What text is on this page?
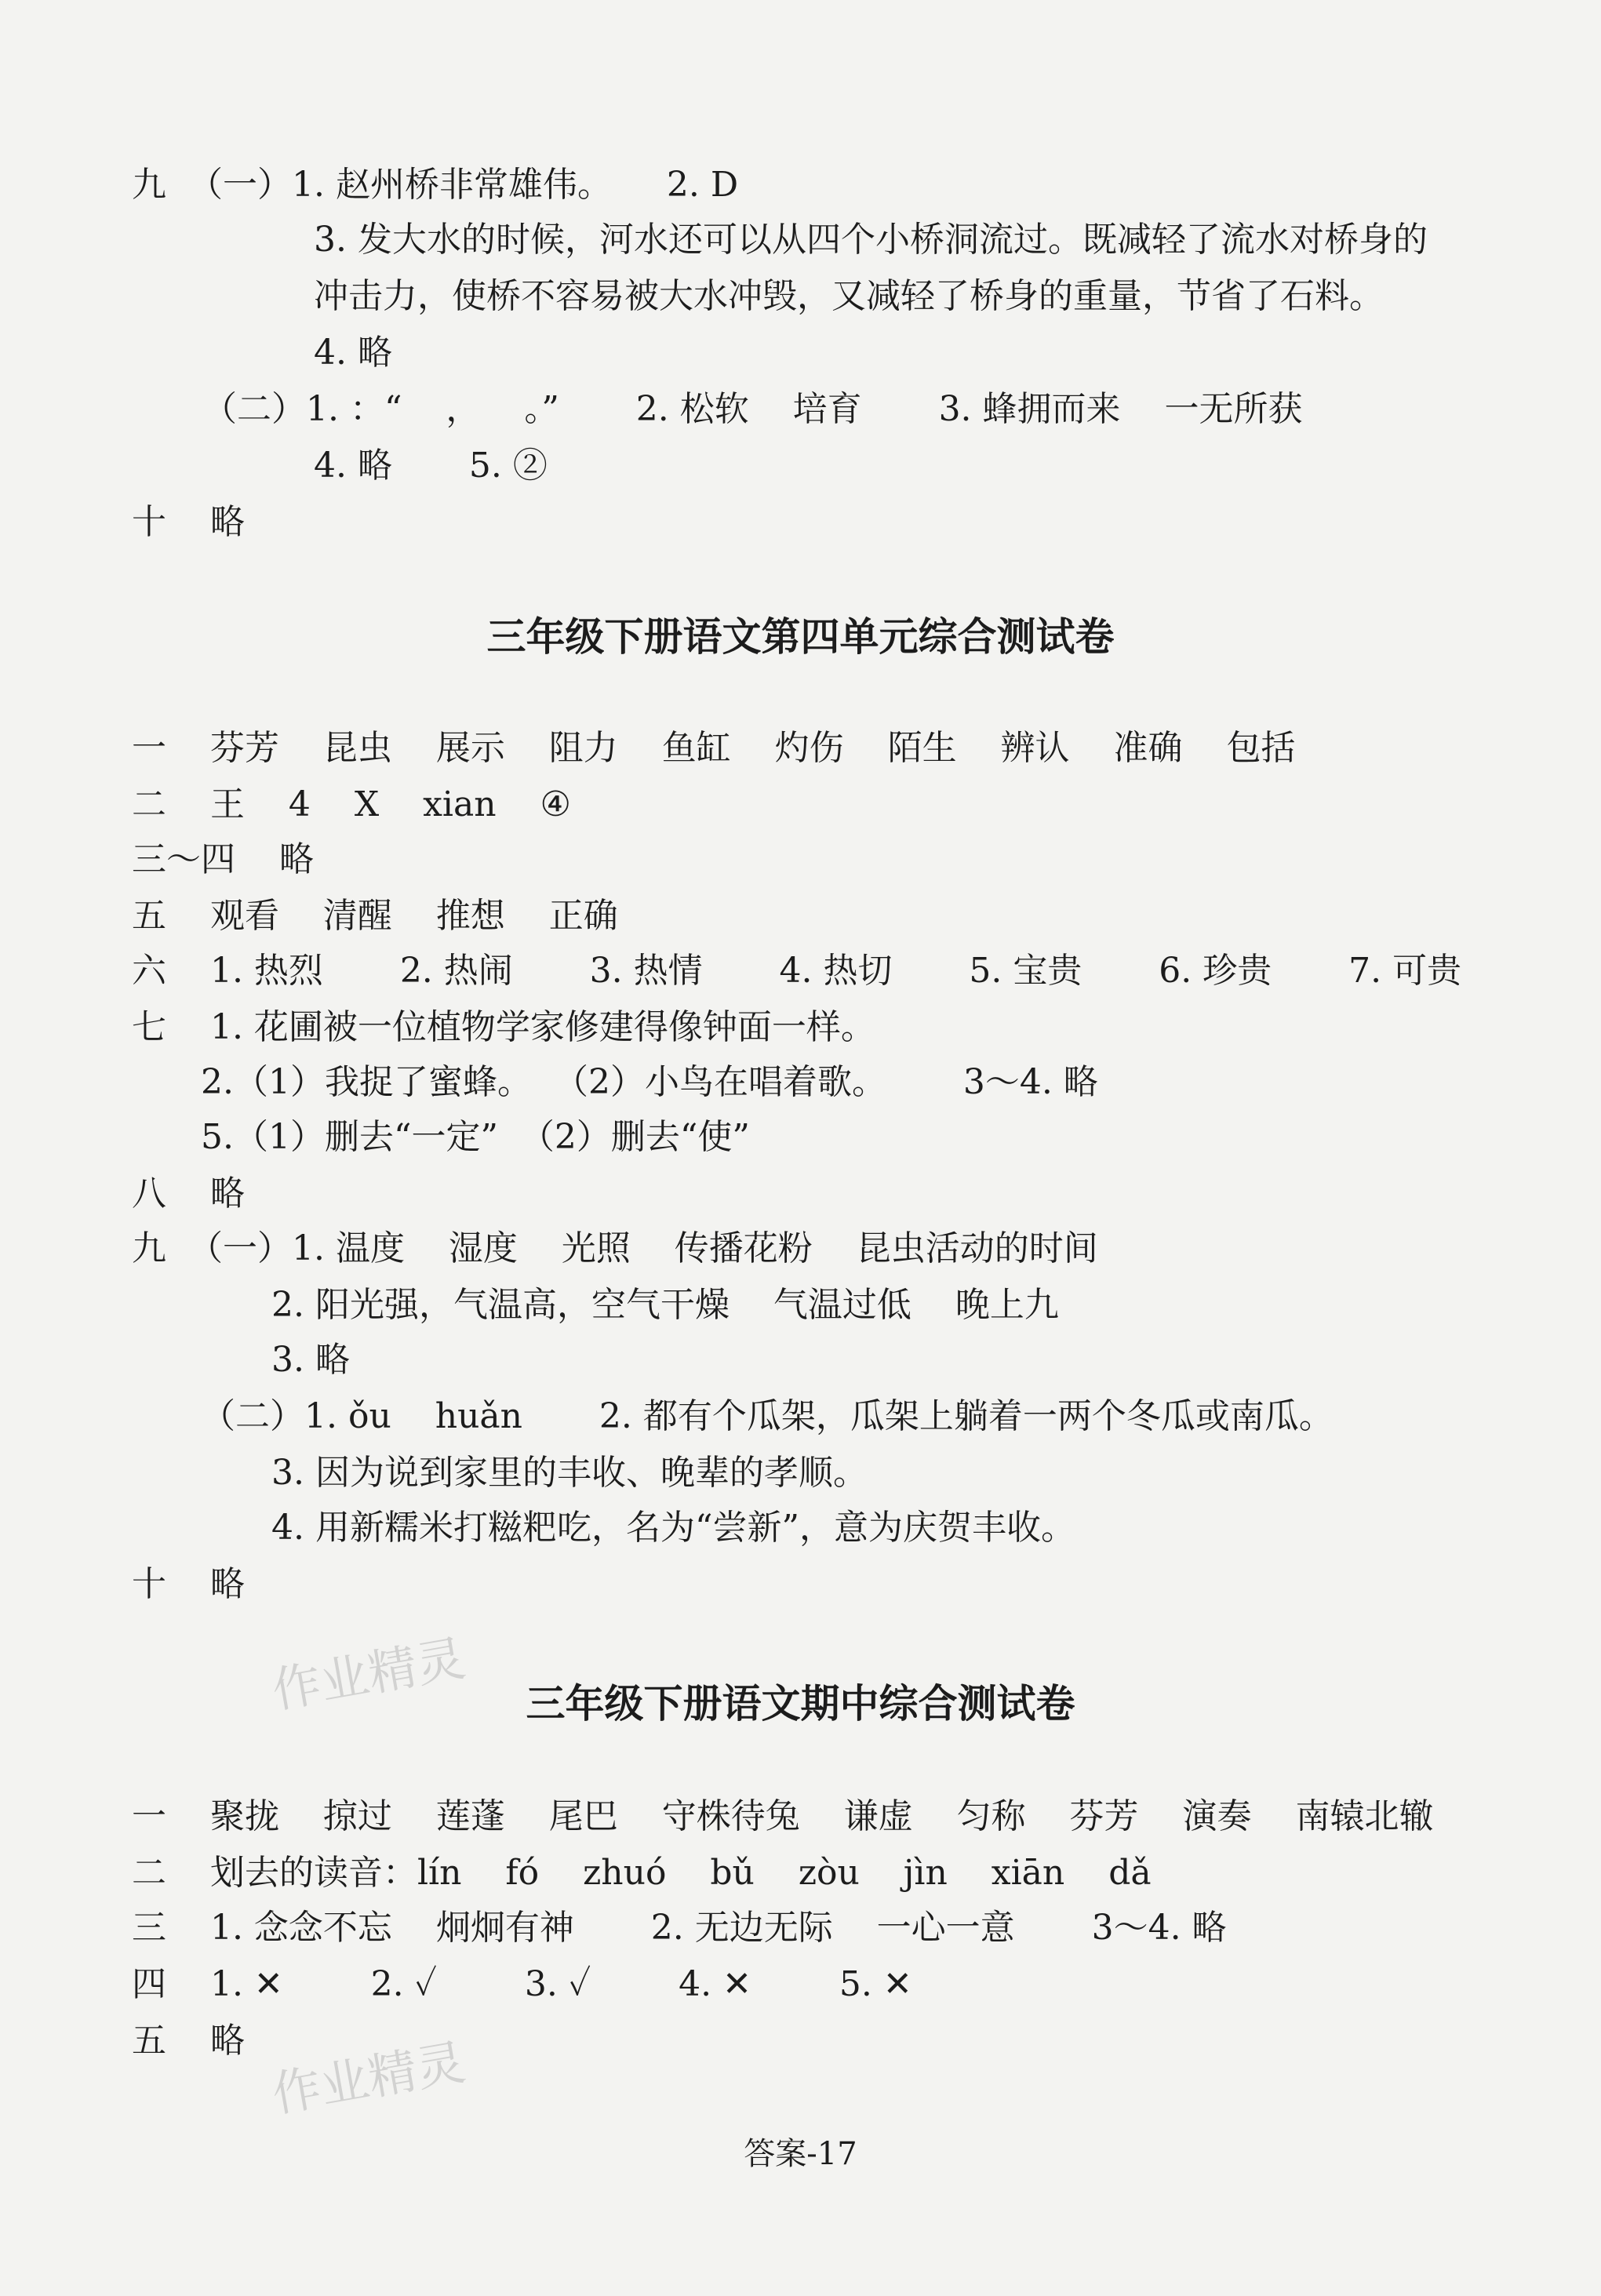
九  （一）1. 赵州桥非常雄伟。     2. D
3. 发大水的时候，河水还可以从四个小桥洞流过。既减轻了流水对桥身的
冲击力，使桥不容易被大水冲毁，又减轻了桥身的重量，节省了石料。
4. 略
（二）1. ：“    ，    。”       2. 松软    培育       3. 蜂拥而来    一无所获
4. 略       5. ②
十    略
三年级下册语文第四单元综合测试卷
一    芬芳    昆虫    展示    阻力    鱼缸    灼伤    陌生    辨认    准确    包括
二    王    4    X    xian    ④
三～四    略
五    观看    清醒    推想    正确
六    1. 热烈       2. 热闹       3. 热情       4. 热切       5. 宝贵       6. 珍贵       7. 可贵
七    1. 花圃被一位植物学家修建得像钟面一样。
2.（1）我捉了蜜蜂。  （2）小鸟在唱着歌。       3～4. 略
5.（1）删去“一定”  （2）删去“使”
八    略
九  （一）1. 温度    湿度    光照    传播花粉    昆虫活动的时间
2. 阳光强，气温高，空气干燥    气温过低    晚上九
3. 略
（二）1. ǒu    huǎn       2. 都有个瓜架，瓜架上躺着一两个冬瓜或南瓜。
3. 因为说到家里的丰收、晚辈的孝顺。
4. 用新糯米打糍粑吃，名为“尝新”，意为庆贺丰收。
十    略
作业精灵	三年级下册语文期中综合测试卷
一    聚拢    掠过    莲蓬    尾巴    守株待兔    谦虚    匀称    芬芳    演奏    南辕北辙
二    划去的读音：lín    fó    zhuó    bǔ    zòu    jìn    xiān    dǎ
三    1. 念念不忘    炯炯有神       2. 无边无际    一心一意       3～4. 略
四    1. ✕        2. ✓        3. ✓        4. ✕        5. ✕
五    略 作业精灵
答案-17
